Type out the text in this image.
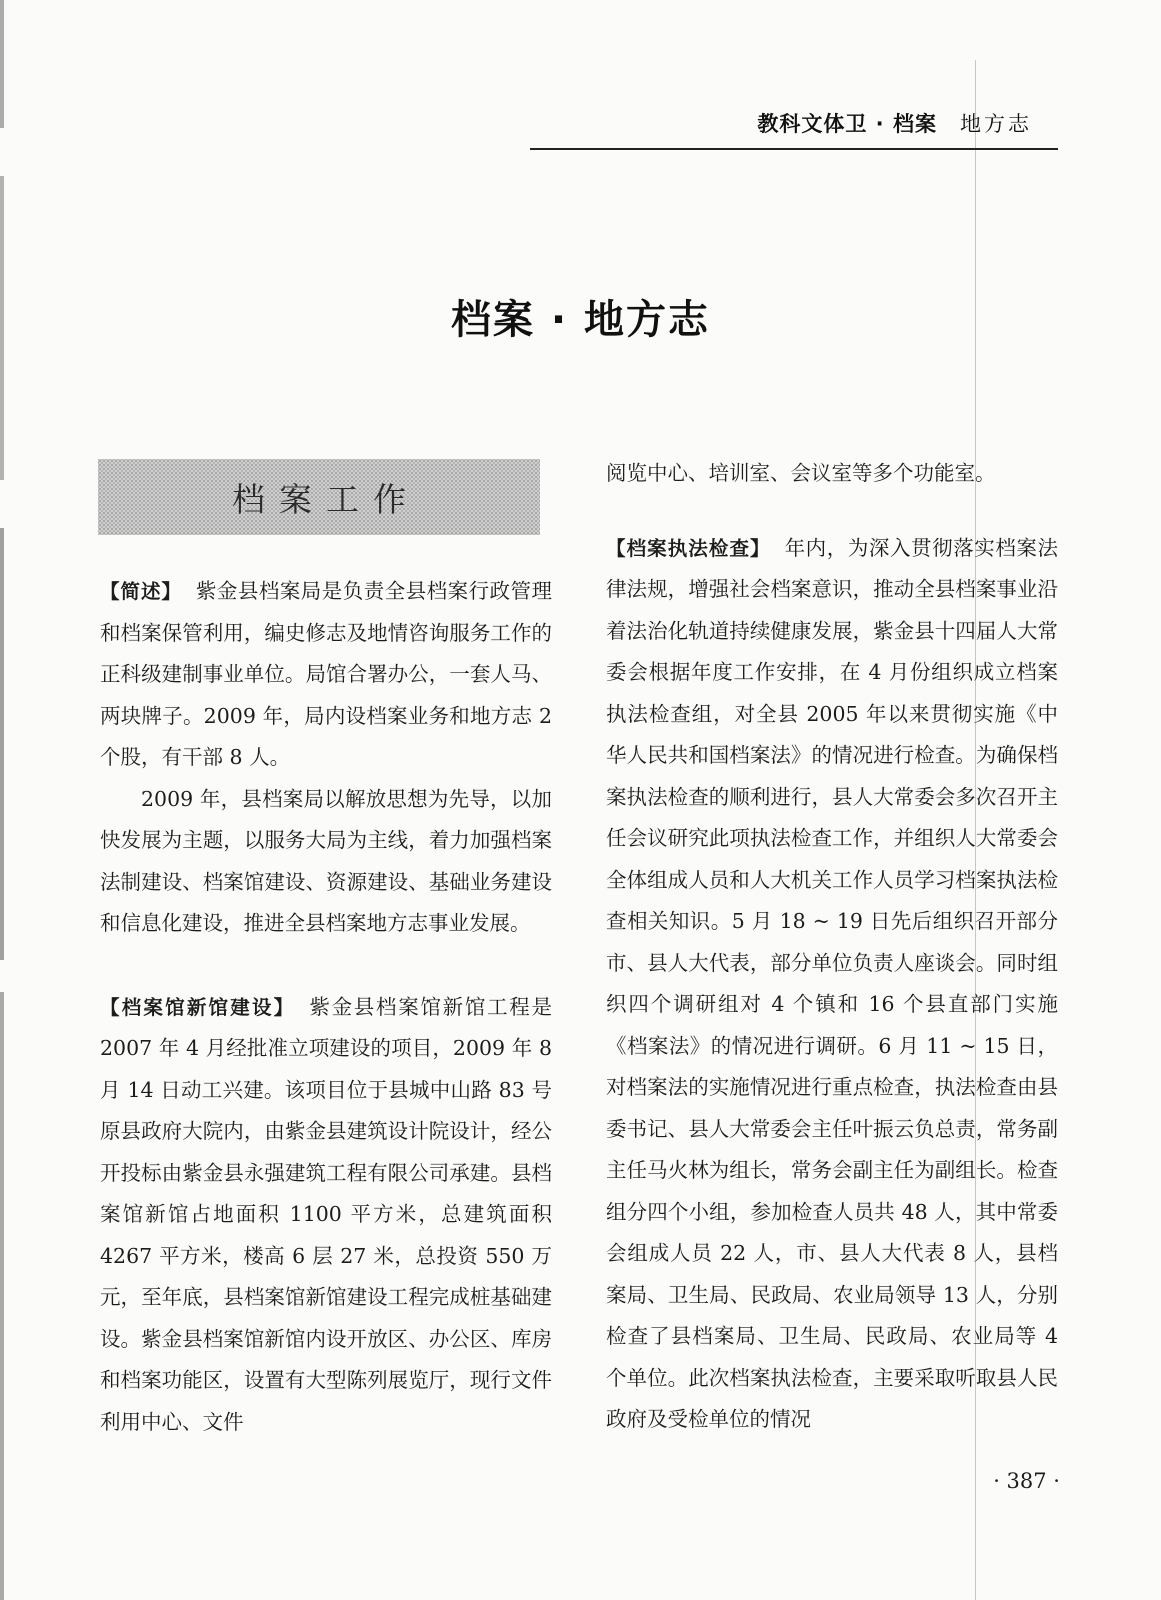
教科文体卫 · 档案 地方志
档案 · 地方志
档案工作

【简述】 紫金县档案局是负责全县档案行政管理和档案保管利用，编史修志及地情咨询服务工作的正科级建制事业单位。局馆合署办公，一套人马、两块牌子。2009 年，局内设档案业务和地方志 2 个股，有干部 8 人。

2009 年，县档案局以解放思想为先导，以加快发展为主题，以服务大局为主线，着力加强档案法制建设、档案馆建设、资源建设、基础业务建设和信息化建设，推进全县档案地方志事业发展。

【档案馆新馆建设】 紫金县档案馆新馆工程是 2007 年 4 月经批准立项建设的项目，2009 年 8 月 14 日动工兴建。该项目位于县城中山路 83 号原县政府大院内，由紫金县建筑设计院设计，经公开投标由紫金县永强建筑工程有限公司承建。县档案馆新馆占地面积 1100 平方米，总建筑面积 4267 平方米，楼高 6 层 27 米，总投资 550 万元，至年底，县档案馆新馆建设工程完成桩基础建设。紫金县档案馆新馆内设开放区、办公区、库房和档案功能区，设置有大型陈列展览厅，现行文件利用中心、文件

阅览中心、培训室、会议室等多个功能室。

【档案执法检查】 年内，为深入贯彻落实档案法律法规，增强社会档案意识，推动全县档案事业沿着法治化轨道持续健康发展，紫金县十四届人大常委会根据年度工作安排，在 4 月份组织成立档案执法检查组，对全县 2005 年以来贯彻实施《中华人民共和国档案法》的情况进行检查。为确保档案执法检查的顺利进行，县人大常委会多次召开主任会议研究此项执法检查工作，并组织人大常委会全体组成人员和人大机关工作人员学习档案执法检查相关知识。5 月 18 ~ 19 日先后组织召开部分市、县人大代表，部分单位负责人座谈会。同时组织四个调研组对 4 个镇和 16 个县直部门实施《档案法》的情况进行调研。6 月 11 ~ 15 日，对档案法的实施情况进行重点检查，执法检查由县委书记、县人大常委会主任叶振云负总责，常务副主任马火林为组长，常务会副主任为副组长。检查组分四个小组，参加检查人员共 48 人，其中常委会组成人员 22 人，市、县人大代表 8 人，县档案局、卫生局、民政局、农业局领导 13 人，分别检查了县档案局、卫生局、民政局、农业局等 4 个单位。此次档案执法检查，主要采取听取县人民政府及受检单位的情况

· 387 ·
